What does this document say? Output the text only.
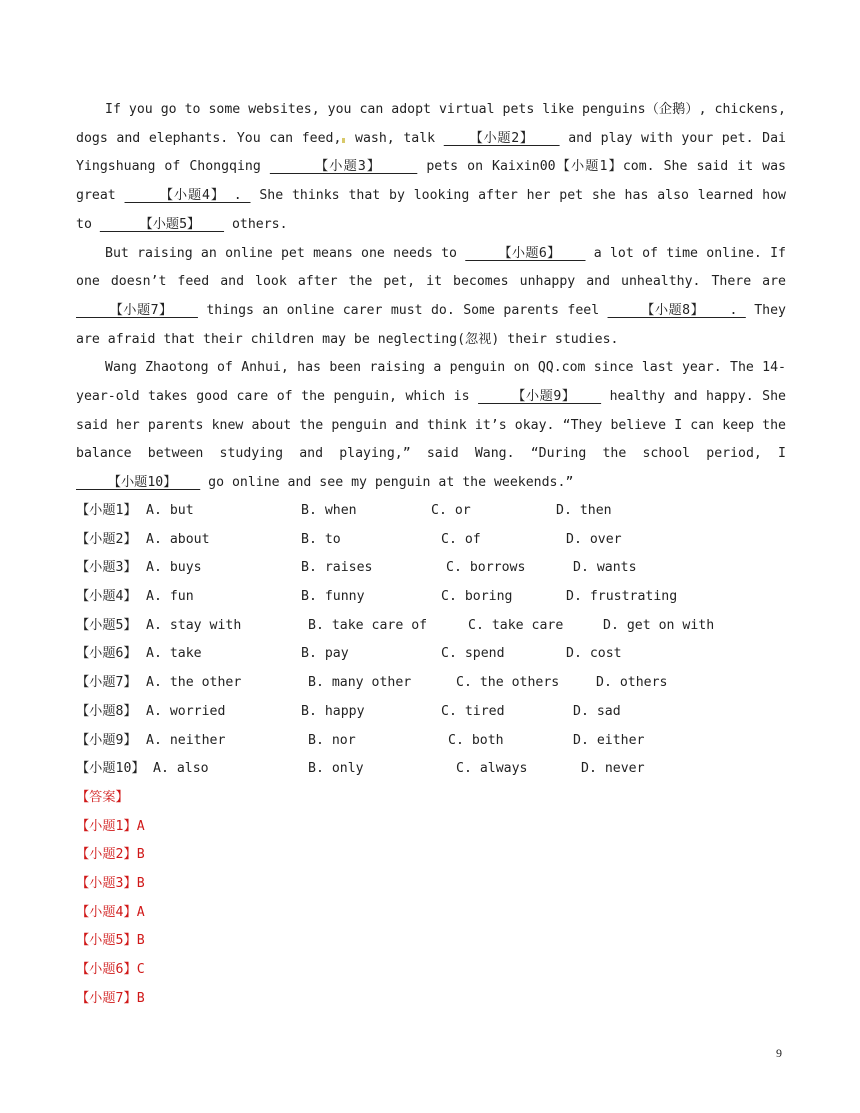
If you go to some websites, you can adopt virtual pets like penguins（企鹅）, chickens, dogs and elephants. You can feed, wash, talk    【小题2】    and play with your pet. Dai Yingshuang of Chongqing      【小题3】     pets on Kaixin00【小题1】com. She said it was great     【小题4】 .  She thinks that by looking after her pet she has also learned how to      【小题5】    others.

But raising an online pet means one needs to     【小题6】    a lot of time online. If one doesn’t feed and look after the pet, it becomes unhappy and unhealthy. There are     【小题7】    things an online carer must do. Some parents feel     【小题8】   .  They are afraid that their children may be neglecting(忽视) their studies.

Wang Zhaotong of Anhui, has been raising a penguin on QQ.com since last year. The 14-year-old takes good care of the penguin, which is     【小题9】    healthy and happy. She said her parents knew about the penguin and think it’s okay. “They believe I can keep the balance between studying and playing,” said Wang. “During the school period, I     【小题10】    go online and see my penguin at the weekends.”

【小题1】 A. but	B. when	C. or	D. then
【小题2】 A. about	B. to	C. of	D. over
【小题3】 A. buys	B. raises	C. borrows	D. wants
【小题4】 A. fun	B. funny	C. boring	D. frustrating
【小题5】 A. stay with	B. take care of	C. take care	D. get on with
【小题6】 A. take	B. pay	C. spend	D. cost
【小题7】 A. the other	B. many other	C. the others	D. others
【小题8】 A. worried	B. happy	C. tired	D. sad
【小题9】 A. neither	B. nor	C. both	D. either
【小题10】 A. also	B. only	C. always	D. never
【答案】
【小题1】A
【小题2】B
【小题3】B
【小题4】A
【小题5】B
【小题6】C
【小题7】B
9
